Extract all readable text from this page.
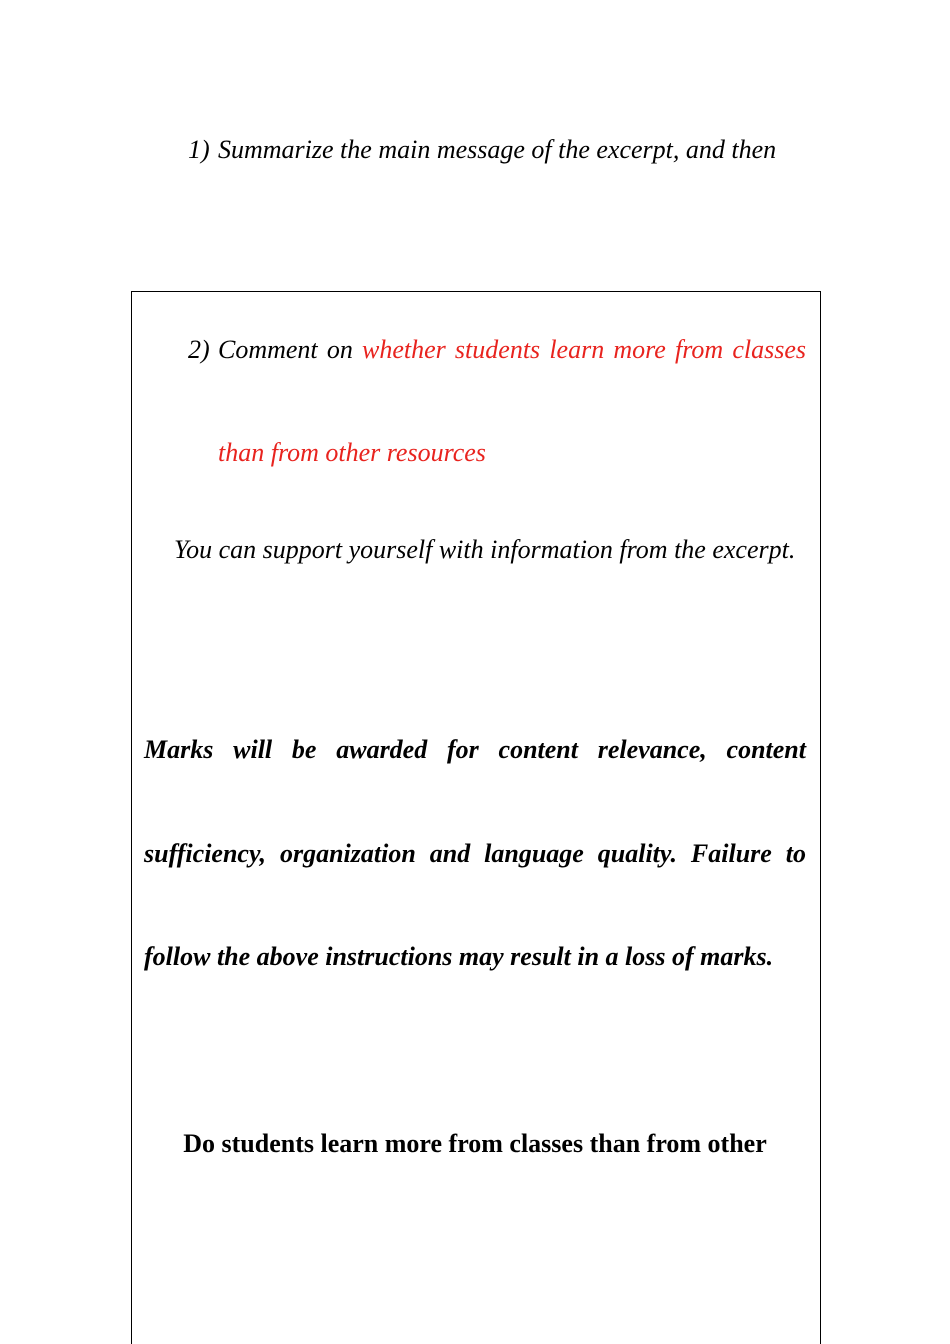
1) Summarize the main message of the excerpt, and then
2) Comment on whether students learn more from classes than from other resources
You can support yourself with information from the excerpt.
Marks will be awarded for content relevance, content sufficiency, organization and language quality. Failure to follow the above instructions may result in a loss of marks.
Do students learn more from classes than from other
